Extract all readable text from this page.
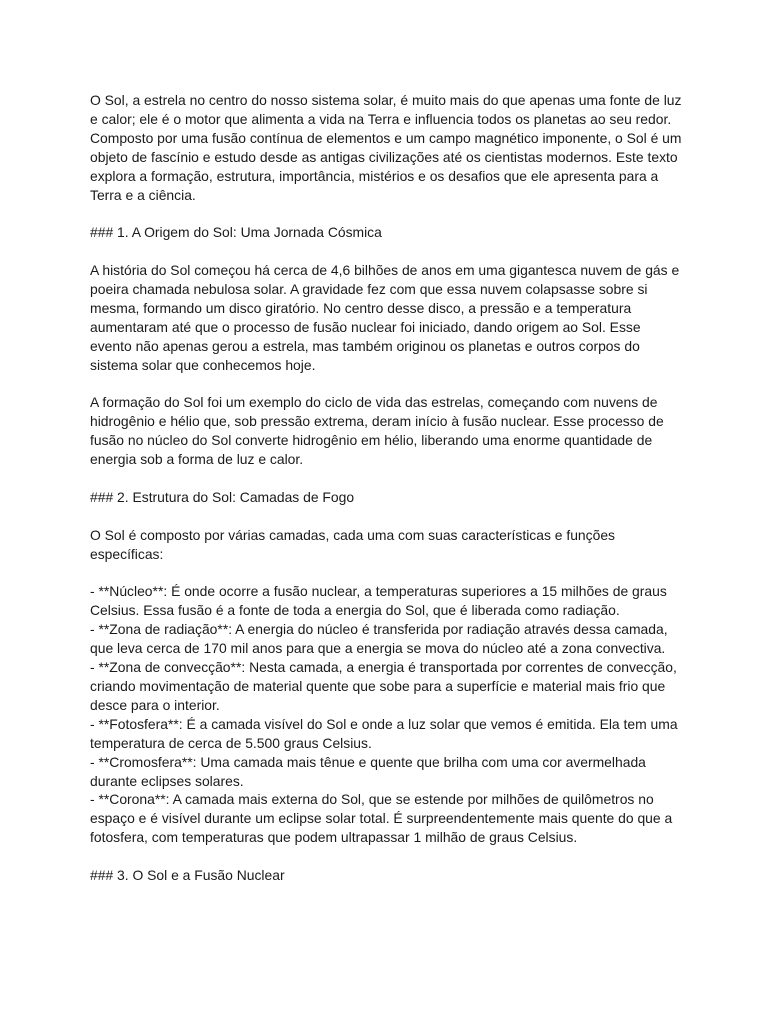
O Sol, a estrela no centro do nosso sistema solar, é muito mais do que apenas uma fonte de luz e calor; ele é o motor que alimenta a vida na Terra e influencia todos os planetas ao seu redor. Composto por uma fusão contínua de elementos e um campo magnético imponente, o Sol é um objeto de fascínio e estudo desde as antigas civilizações até os cientistas modernos. Este texto explora a formação, estrutura, importância, mistérios e os desafios que ele apresenta para a Terra e a ciência.

### 1. A Origem do Sol: Uma Jornada Cósmica

A história do Sol começou há cerca de 4,6 bilhões de anos em uma gigantesca nuvem de gás e poeira chamada nebulosa solar. A gravidade fez com que essa nuvem colapsasse sobre si mesma, formando um disco giratório. No centro desse disco, a pressão e a temperatura aumentaram até que o processo de fusão nuclear foi iniciado, dando origem ao Sol. Esse evento não apenas gerou a estrela, mas também originou os planetas e outros corpos do sistema solar que conhecemos hoje.

A formação do Sol foi um exemplo do ciclo de vida das estrelas, começando com nuvens de hidrogênio e hélio que, sob pressão extrema, deram início à fusão nuclear. Esse processo de fusão no núcleo do Sol converte hidrogênio em hélio, liberando uma enorme quantidade de energia sob a forma de luz e calor.

### 2. Estrutura do Sol: Camadas de Fogo

O Sol é composto por várias camadas, cada uma com suas características e funções específicas:

- **Núcleo**: É onde ocorre a fusão nuclear, a temperaturas superiores a 15 milhões de graus Celsius. Essa fusão é a fonte de toda a energia do Sol, que é liberada como radiação.
- **Zona de radiação**: A energia do núcleo é transferida por radiação através dessa camada, que leva cerca de 170 mil anos para que a energia se mova do núcleo até a zona convectiva.
- **Zona de convecção**: Nesta camada, a energia é transportada por correntes de convecção, criando movimentação de material quente que sobe para a superfície e material mais frio que desce para o interior.
- **Fotosfera**: É a camada visível do Sol e onde a luz solar que vemos é emitida. Ela tem uma temperatura de cerca de 5.500 graus Celsius.
- **Cromosfera**: Uma camada mais tênue e quente que brilha com uma cor avermelhada durante eclipses solares.
- **Corona**: A camada mais externa do Sol, que se estende por milhões de quilômetros no espaço e é visível durante um eclipse solar total. É surpreendentemente mais quente do que a fotosfera, com temperaturas que podem ultrapassar 1 milhão de graus Celsius.

### 3. O Sol e a Fusão Nuclear
